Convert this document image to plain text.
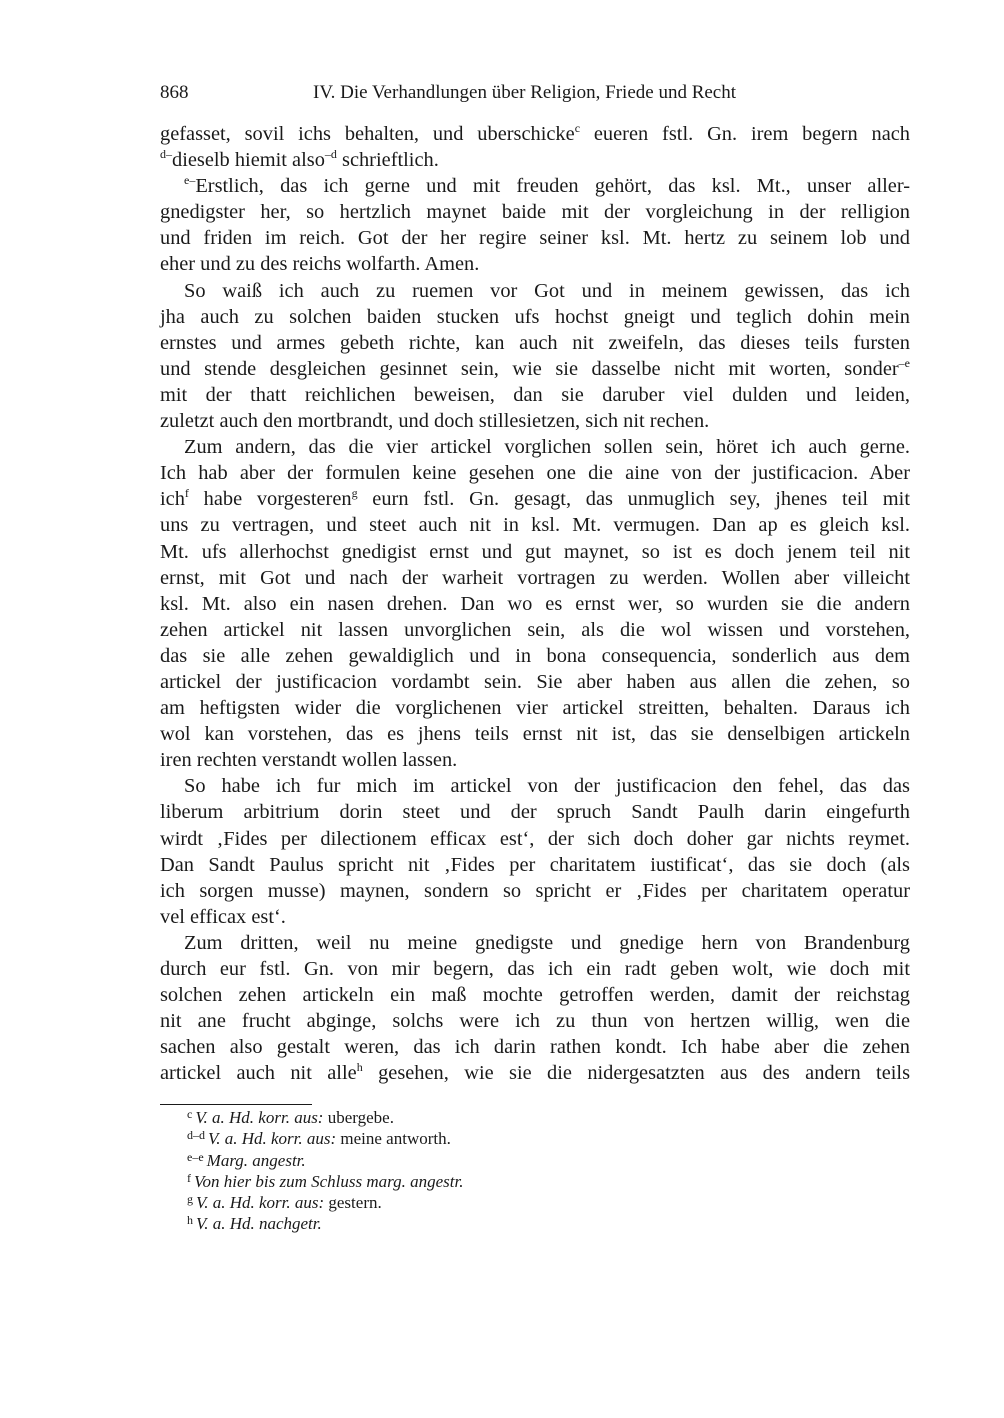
868	IV. Die Verhandlungen über Religion, Friede und Recht
gefasset, sovil ichs behalten, und uberschicke$^c$ eueren fstl. Gn. irem begern nach
$^{d-}$dieselb hiemit also$^{-d}$ schrieftlich.
$^{e-}$Erstlich, das ich gerne und mit freuden gehört, das ksl. Mt., unser aller-
gnedigster her, so hertzlich maynet baide mit der vorgleichung in der relligion
und friden im reich. Got der her regire seiner ksl. Mt. hertz zu seinem lob und
eher und zu des reichs wolfarth. Amen.
So waiß ich auch zu ruemen vor Got und in meinem gewissen, das ich
jha auch zu solchen baiden stucken ufs hochst gneigt und teglich dohin mein
ernstes und armes gebeth richte, kan auch nit zweifeln, das dieses teils fursten
und stende desgleichen gesinnet sein, wie sie dasselbe nicht mit worten, sonder$^{-e}$
mit der thatt reichlichen beweisen, dan sie daruber viel dulden und leiden,
zuletzt auch den mortbrandt, und doch stillesietzen, sich nit rechen.
Zum andern, das die vier artickel vorglichen sollen sein, höret ich auch gerne.
Ich hab aber der formulen keine gesehen one die aine von der justificacion. Aber
ich$^f$ habe vorgesteren$^g$ eurn fstl. Gn. gesagt, das unmuglich sey, jhenes teil mit
uns zu vertragen, und steet auch nit in ksl. Mt. vermugen. Dan ap es gleich ksl.
Mt. ufs allerhochst gnedigist ernst und gut maynet, so ist es doch jenem teil nit
ernst, mit Got und nach der warheit vortragen zu werden. Wollen aber villeicht
ksl. Mt. also ein nasen drehen. Dan wo es ernst wer, so wurden sie die andern
zehen artickel nit lassen unvorglichen sein, als die wol wissen und vorstehen,
das sie alle zehen gewaldiglich und in bona consequencia, sonderlich aus dem
artickel der justificacion vordambt sein. Sie aber haben aus allen die zehen, so
am heftigsten wider die vorglichenen vier artickel streitten, behalten. Daraus ich
wol kan vorstehen, das es jhens teils ernst nit ist, das sie denselbigen artickeln
iren rechten verstandt wollen lassen.
So habe ich fur mich im artickel von der justificacion den fehel, das das
liberum arbitrium dorin steet und der spruch Sandt Paulh darin eingefurth
wirdt ‚Fides per dilectionem efficax est‘, der sich doch doher gar nichts reymet.
Dan Sandt Paulus spricht nit ‚Fides per charitatem iustificat‘, das sie doch (als
ich sorgen musse) maynen, sondern so spricht er ‚Fides per charitatem operatur
vel efficax est‘.
Zum dritten, weil nu meine gnedigste und gnedige hern von Brandenburg
durch eur fstl. Gn. von mir begern, das ich ein radt geben wolt, wie doch mit
solchen zehen artickeln ein maß mochte getroffen werden, damit der reichstag
nit ane frucht abginge, solchs were ich zu thun von hertzen willig, wen die
sachen also gestalt weren, das ich darin rathen kondt. Ich habe aber die zehen
artickel auch nit alle$^h$ gesehen, wie sie die nidergesatzten aus des andern teils
$^c$ V. a. Hd. korr. aus: ubergebe.
$^{d-d}$ V. a. Hd. korr. aus: meine antworth.
$^{e-e}$ Marg. angestr.
$^f$ Von hier bis zum Schluss marg. angestr.
$^g$ V. a. Hd. korr. aus: gestern.
$^h$ V. a. Hd. nachgetr.
